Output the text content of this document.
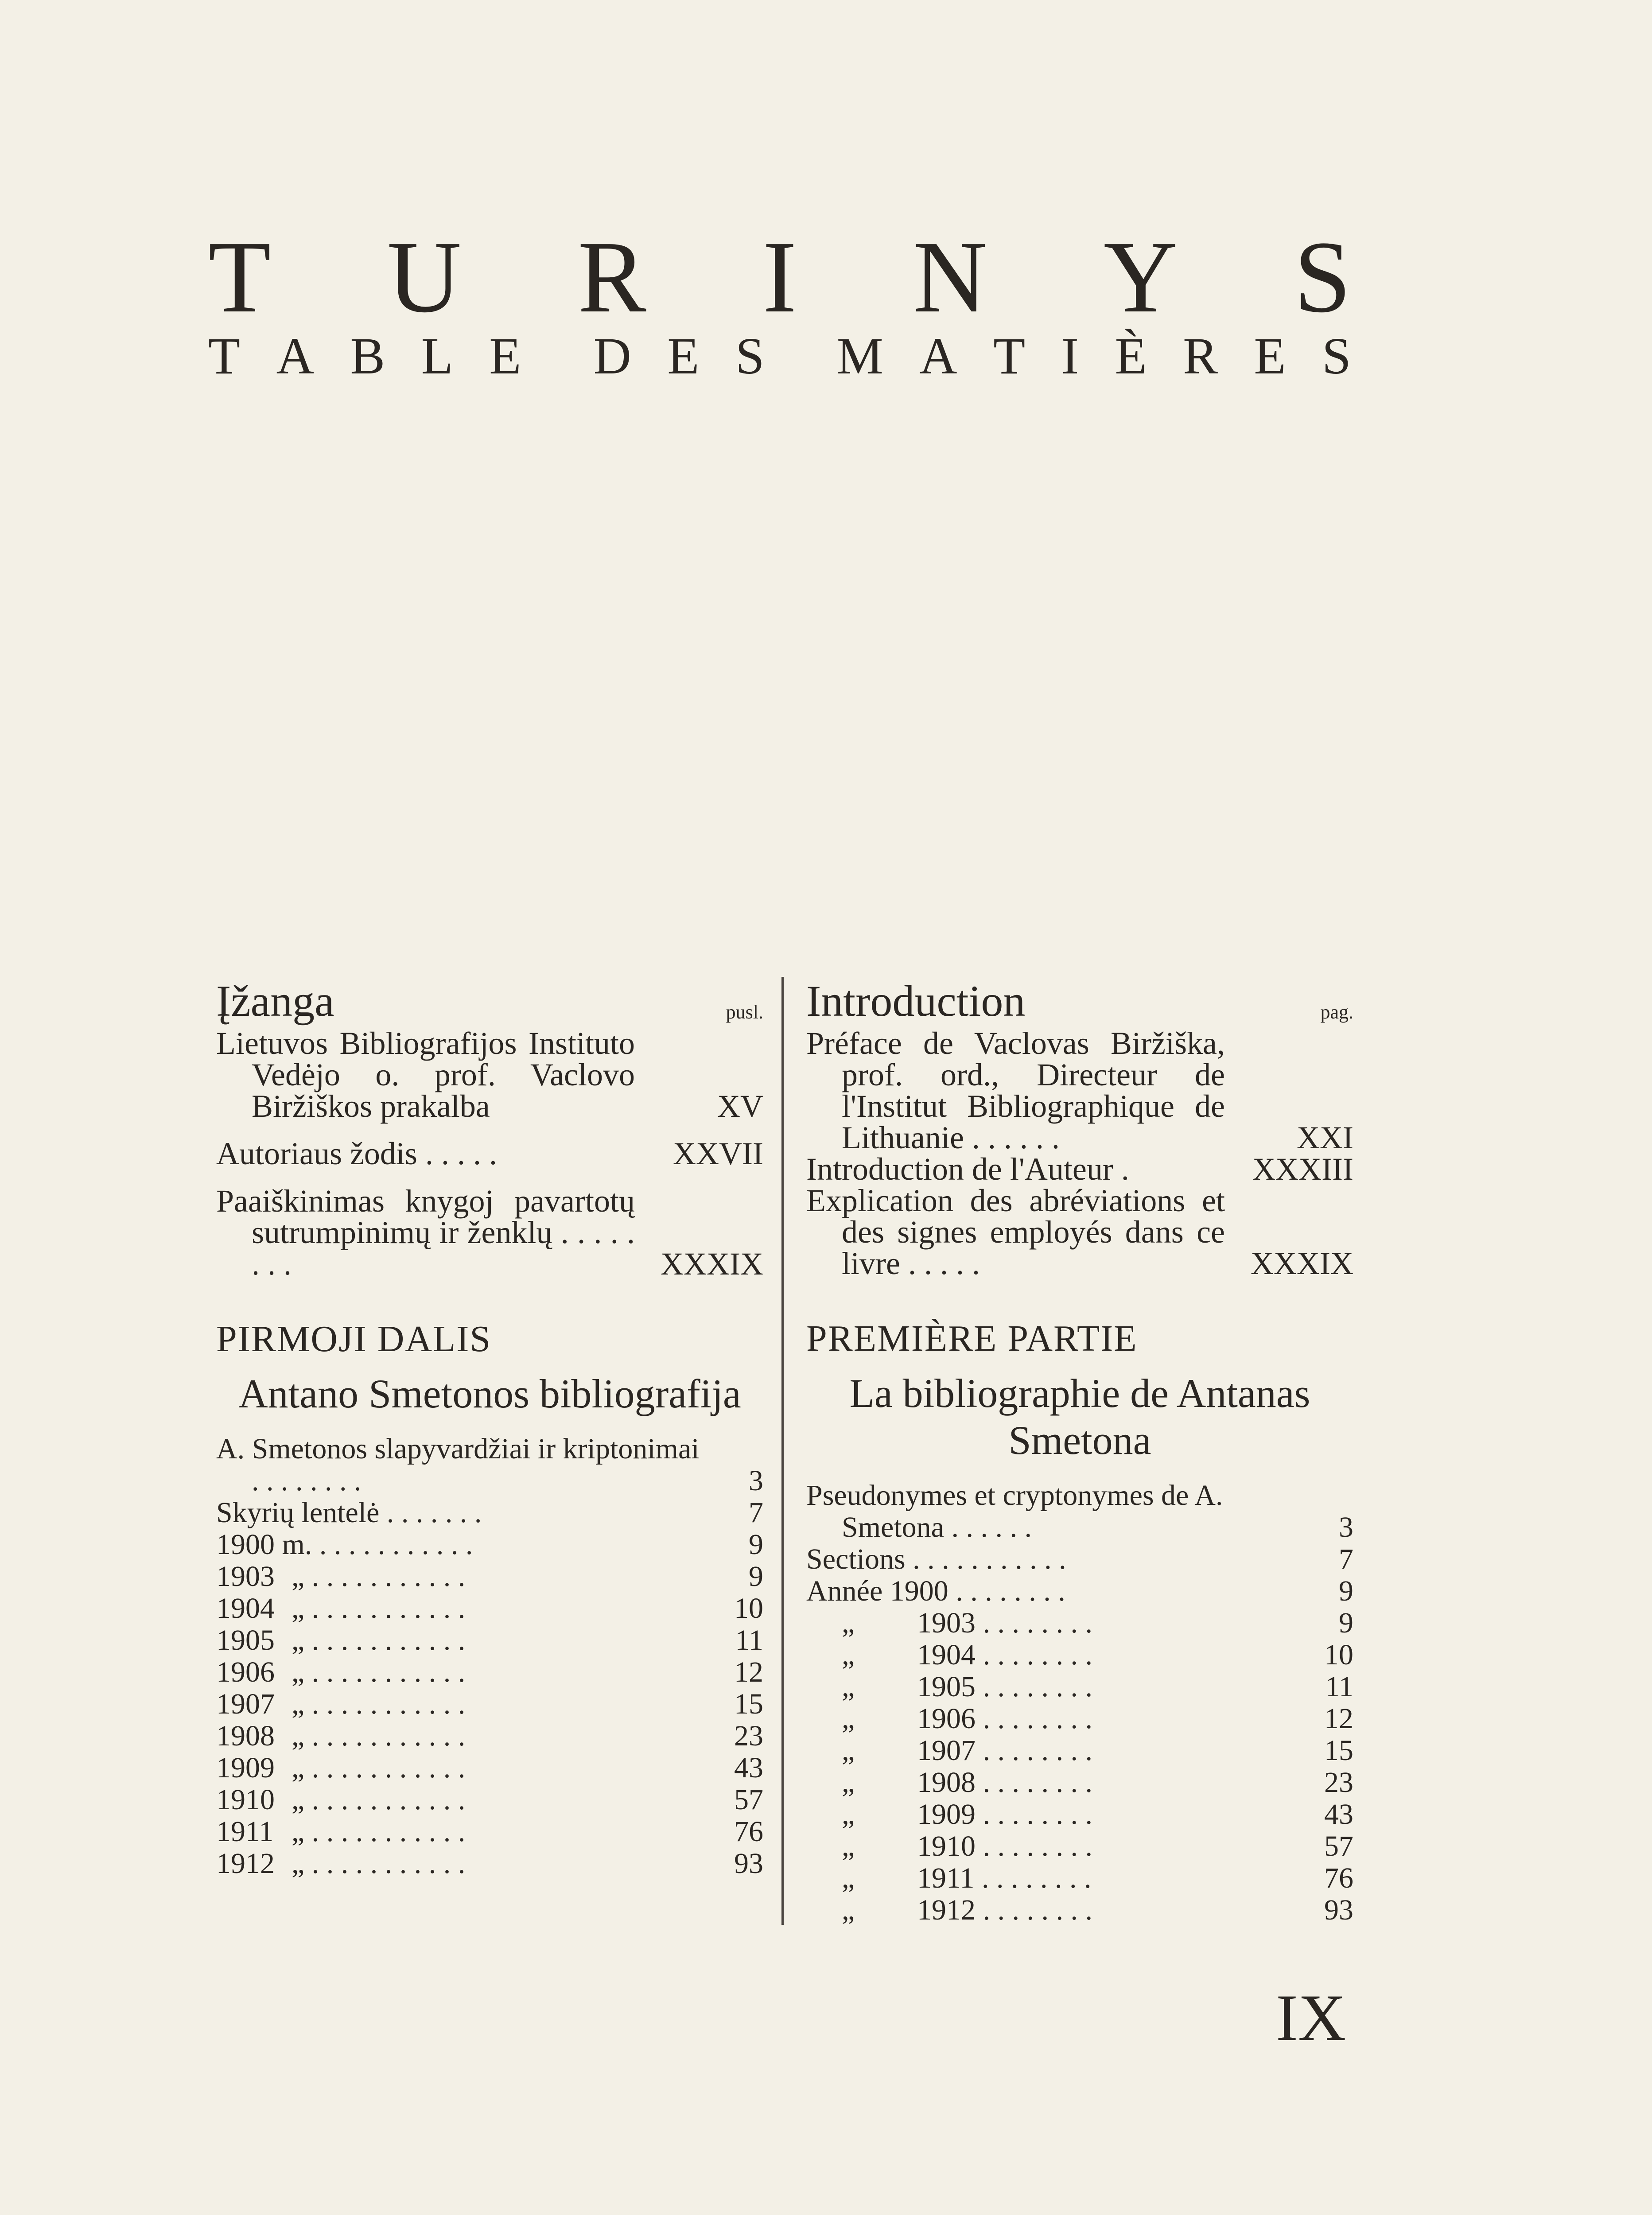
T U R I N Y S
T A B L E D E S M A T I È R E S
Įžanga	pusl.
Lietuvos Bibliografijos Instituto Vedėjo o. prof. Vaclovo Biržiškos prakalba	XV
Autoriaus žodis . . . . .	XXVII
Paaiškinimas knygoj pavartotų sutrumpinimų ir ženklų . . . . . . . .	XXXIX
PIRMOJI DALIS
Antano Smetonos bibliografija
A. Smetonos slapyvardžiai ir kriptonimai . . . . . . . .	3
Skyrių lentelė . . . . . . .	7
1900 m. . . . . . . . . . . .	9
1903 „ . . . . . . . . . . .	9
1904 „ . . . . . . . . . . .	10
1905 „ . . . . . . . . . . .	11
1906 „ . . . . . . . . . . .	12
1907 „ . . . . . . . . . . .	15
1908 „ . . . . . . . . . . .	23
1909 „ . . . . . . . . . . .	43
1910 „ . . . . . . . . . . .	57
1911 „ . . . . . . . . . . .	76
1912 „ . . . . . . . . . . .	93
Introduction	pag.
Préface de Vaclovas Biržiška, prof. ord., Directeur de l'Institut Bibliographique de Lithuanie . . . . . .	XXI
Introduction de l'Auteur .	XXXIII
Explication des abréviations et des signes employés dans ce livre . . . . .	XXXIX
PREMIÈRE PARTIE
La bibliographie de Antanas Smetona
Pseudonymes et cryptonymes de A. Smetona . . . . . .	3
Sections . . . . . . . . . . .	7
Année 1900 . . . . . . . .	9
„ 1903 . . . . . . . .	9
„ 1904 . . . . . . . .	10
„ 1905 . . . . . . . .	11
„ 1906 . . . . . . . .	12
„ 1907 . . . . . . . .	15
„ 1908 . . . . . . . .	23
„ 1909 . . . . . . . .	43
„ 1910 . . . . . . . .	57
„ 1911 . . . . . . . .	76
„ 1912 . . . . . . . .	93
IX
